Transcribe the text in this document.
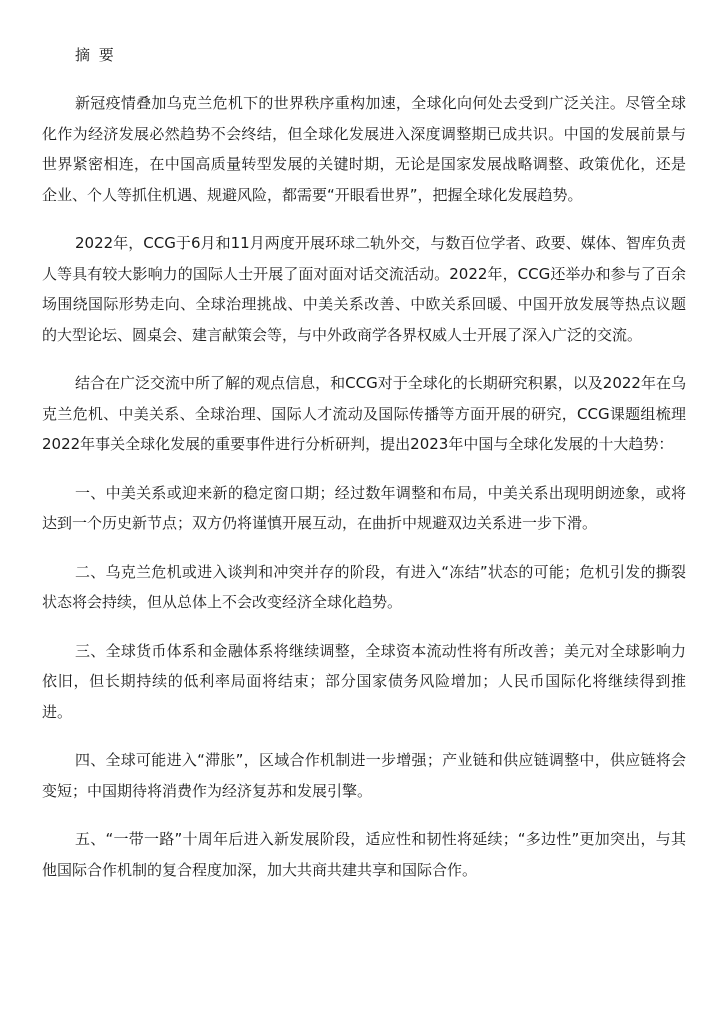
摘 要

新冠疫情叠加乌克兰危机下的世界秩序重构加速，全球化向何处去受到广泛关注。尽管全球化作为经济发展必然趋势不会终结，但全球化发展进入深度调整期已成共识。中国的发展前景与世界紧密相连，在中国高质量转型发展的关键时期，无论是国家发展战略调整、政策优化，还是企业、个人等抓住机遇、规避风险，都需要“开眼看世界”，把握全球化发展趋势。

2022年，CCG于6月和11月两度开展环球二轨外交，与数百位学者、政要、媒体、智库负责人等具有较大影响力的国际人士开展了面对面对话交流活动。2022年，CCG还举办和参与了百余场围绕国际形势走向、全球治理挑战、中美关系改善、中欧关系回暖、中国开放发展等热点议题的大型论坛、圆桌会、建言献策会等，与中外政商学各界权威人士开展了深入广泛的交流。

结合在广泛交流中所了解的观点信息，和CCG对于全球化的长期研究积累，以及2022年在乌克兰危机、中美关系、全球治理、国际人才流动及国际传播等方面开展的研究，CCG课题组梳理2022年事关全球化发展的重要事件进行分析研判，提出2023年中国与全球化发展的十大趋势：

一、中美关系或迎来新的稳定窗口期；经过数年调整和布局，中美关系出现明朗迹象，或将达到一个历史新节点；双方仍将谨慎开展互动，在曲折中规避双边关系进一步下滑。

二、乌克兰危机或进入谈判和冲突并存的阶段，有进入“冻结”状态的可能；危机引发的撕裂状态将会持续，但从总体上不会改变经济全球化趋势。

三、全球货币体系和金融体系将继续调整，全球资本流动性将有所改善；美元对全球影响力依旧，但长期持续的低利率局面将结束；部分国家债务风险增加；人民币国际化将继续得到推进。

四、全球可能进入“滞胀”，区域合作机制进一步增强；产业链和供应链调整中，供应链将会变短；中国期待将消费作为经济复苏和发展引擎。

五、“一带一路”十周年后进入新发展阶段，适应性和韧性将延续；“多边性”更加突出，与其他国际合作机制的复合程度加深，加大共商共建共享和国际合作。
